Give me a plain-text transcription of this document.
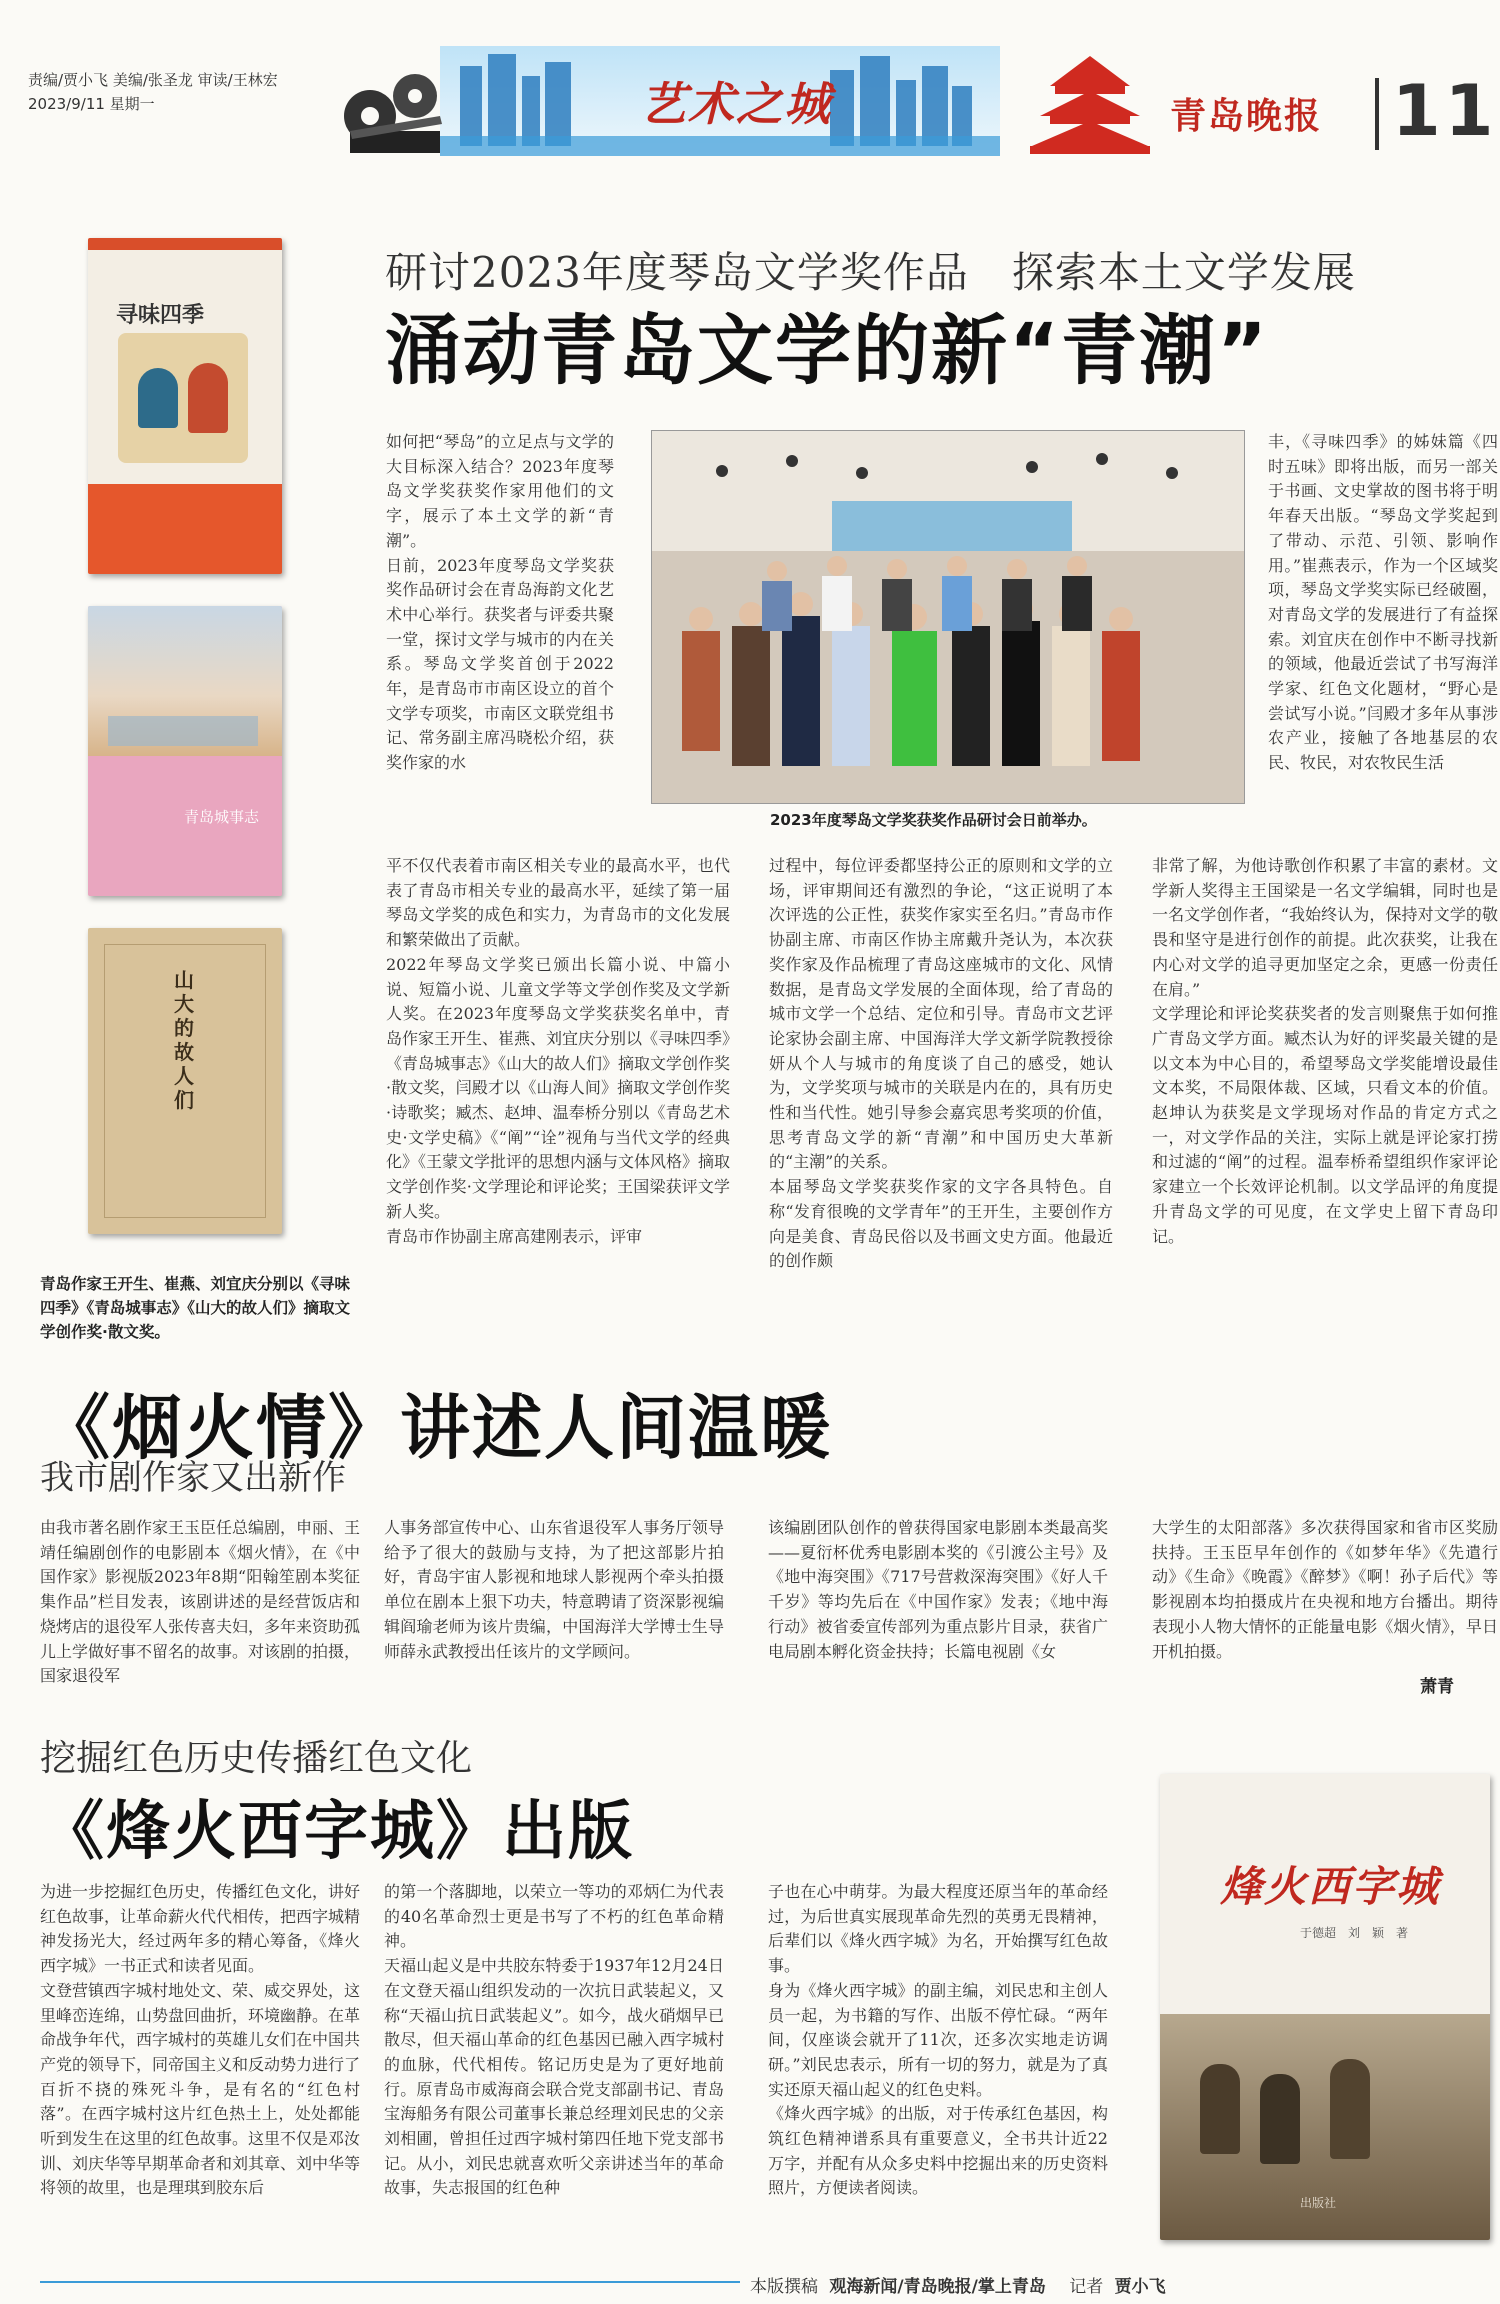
责编/贾小飞 美编/张圣龙 审读/王林宏
2023/9/11 星期一	艺术之城	青岛晚报 11
寻味四季
青岛城事志
山大的故人们
青岛作家王开生、崔燕、刘宜庆分别以《寻味四季》《青岛城事志》《山大的故人们》摘取文学创作奖·散文奖。
研讨2023年度琴岛文学奖作品　探索本土文学发展
涌动青岛文学的新“青潮”
如何把“琴岛”的立足点与文学的大目标深入结合？2023年度琴岛文学奖获奖作家用他们的文字，展示了本土文学的新“青潮”。
日前，2023年度琴岛文学奖获奖作品研讨会在青岛海韵文化艺术中心举行。获奖者与评委共聚一堂，探讨文学与城市的内在关系。琴岛文学奖首创于2022年，是青岛市市南区设立的首个文学专项奖，市南区文联党组书记、常务副主席冯晓松介绍，获奖作家的水
2023年度琴岛文学奖获奖作品研讨会日前举办。
丰，《寻味四季》的姊妹篇《四时五味》即将出版，而另一部关于书画、文史掌故的图书将于明年春天出版。“琴岛文学奖起到了带动、示范、引领、影响作用。”崔燕表示，作为一个区域奖项，琴岛文学奖实际已经破圈，对青岛文学的发展进行了有益探索。刘宜庆在创作中不断寻找新的领域，他最近尝试了书写海洋学家、红色文化题材，“野心是尝试写小说。”闫殿才多年从事涉农产业，接触了各地基层的农民、牧民，对农牧民生活
平不仅代表着市南区相关专业的最高水平，也代表了青岛市相关专业的最高水平，延续了第一届琴岛文学奖的成色和实力，为青岛市的文化发展和繁荣做出了贡献。
2022年琴岛文学奖已颁出长篇小说、中篇小说、短篇小说、儿童文学等文学创作奖及文学新人奖。在2023年度琴岛文学奖获奖名单中，青岛作家王开生、崔燕、刘宜庆分别以《寻味四季》《青岛城事志》《山大的故人们》摘取文学创作奖·散文奖，闫殿才以《山海人间》摘取文学创作奖·诗歌奖；臧杰、赵坤、温奉桥分别以《青岛艺术史·文学史稿》《“阐”“诠”视角与当代文学的经典化》《王蒙文学批评的思想内涵与文体风格》摘取文学创作奖·文学理论和评论奖；王国梁获评文学新人奖。
青岛市作协副主席高建刚表示，评审
过程中，每位评委都坚持公正的原则和文学的立场，评审期间还有激烈的争论，“这正说明了本次评选的公正性，获奖作家实至名归。”青岛市作协副主席、市南区作协主席戴升尧认为，本次获奖作家及作品梳理了青岛这座城市的文化、风情数据，是青岛文学发展的全面体现，给了青岛的城市文学一个总结、定位和引导。青岛市文艺评论家协会副主席、中国海洋大学文新学院教授徐妍从个人与城市的角度谈了自己的感受，她认为，文学奖项与城市的关联是内在的，具有历史性和当代性。她引导参会嘉宾思考奖项的价值，思考青岛文学的新“青潮”和中国历史大革新的“主潮”的关系。
本届琴岛文学奖获奖作家的文字各具特色。自称“发育很晚的文学青年”的王开生，主要创作方向是美食、青岛民俗以及书画文史方面。他最近的创作颇
非常了解，为他诗歌创作积累了丰富的素材。文学新人奖得主王国梁是一名文学编辑，同时也是一名文学创作者，“我始终认为，保持对文学的敬畏和坚守是进行创作的前提。此次获奖，让我在内心对文学的追寻更加坚定之余，更感一份责任在肩。”
文学理论和评论奖获奖者的发言则聚焦于如何推广青岛文学方面。臧杰认为好的评奖最关键的是以文本为中心目的，希望琴岛文学奖能增设最佳文本奖，不局限体裁、区域，只看文本的价值。赵坤认为获奖是文学现场对作品的肯定方式之一，对文学作品的关注，实际上就是评论家打捞和过滤的“阐”的过程。温奉桥希望组织作家评论家建立一个长效评论机制。以文学品评的角度提升青岛文学的可见度，在文学史上留下青岛印记。
《烟火情》讲述人间温暖
我市剧作家又出新作
由我市著名剧作家王玉臣任总编剧，申丽、王靖任编剧创作的电影剧本《烟火情》，在《中国作家》影视版2023年8期“阳翰笙剧本奖征集作品”栏目发表，该剧讲述的是经营饭店和烧烤店的退役军人张传喜夫妇，多年来资助孤儿上学做好事不留名的故事。对该剧的拍摄，国家退役军
人事务部宣传中心、山东省退役军人事务厅领导给予了很大的鼓励与支持，为了把这部影片拍好，青岛宇宙人影视和地球人影视两个牵头拍摄单位在剧本上狠下功夫，特意聘请了资深影视编辑阎瑜老师为该片贵编，中国海洋大学博士生导师薛永武教授出任该片的文学顾问。
该编剧团队创作的曾获得国家电影剧本类最高奖——夏衍杯优秀电影剧本奖的《引渡公主号》及《地中海突围》《717号营救深海突围》《好人千千岁》等均先后在《中国作家》发表；《地中海行动》被省委宣传部列为重点影片目录，获省广电局剧本孵化资金扶持；长篇电视剧《女
大学生的太阳部落》多次获得国家和省市区奖励扶持。王玉臣早年创作的《如梦年华》《先遣行动》《生命》《晚霞》《醉梦》《啊！孙子后代》等影视剧本均拍摄成片在央视和地方台播出。期待表现小人物大情怀的正能量电影《烟火情》，早日开机拍摄。
萧青
挖掘红色历史传播红色文化
《烽火西字城》出版
为进一步挖掘红色历史，传播红色文化，讲好红色故事，让革命薪火代代相传，把西字城精神发扬光大，经过两年多的精心筹备，《烽火西字城》一书正式和读者见面。
文登营镇西字城村地处文、荣、威交界处，这里峰峦连绵，山势盘回曲折，环境幽静。在革命战争年代，西字城村的英雄儿女们在中国共产党的领导下，同帝国主义和反动势力进行了百折不挠的殊死斗争，是有名的“红色村落”。在西字城村这片红色热土上，处处都能听到发生在这里的红色故事。这里不仅是邓汝训、刘庆华等早期革命者和刘其章、刘中华等将领的故里，也是理琪到胶东后
的第一个落脚地，以荣立一等功的邓炳仁为代表的40名革命烈士更是书写了不朽的红色革命精神。
天福山起义是中共胶东特委于1937年12月24日在文登天福山组织发动的一次抗日武装起义，又称“天福山抗日武装起义”。如今，战火硝烟早已散尽，但天福山革命的红色基因已融入西字城村的血脉，代代相传。铭记历史是为了更好地前行。原青岛市威海商会联合党支部副书记、青岛宝海船务有限公司董事长兼总经理刘民忠的父亲刘相圃，曾担任过西字城村第四任地下党支部书记。从小，刘民忠就喜欢听父亲讲述当年的革命故事，失志报国的红色种
子也在心中萌芽。为最大程度还原当年的革命经过，为后世真实展现革命先烈的英勇无畏精神，后辈们以《烽火西字城》为名，开始撰写红色故事。
身为《烽火西字城》的副主编，刘民忠和主创人员一起，为书籍的写作、出版不停忙碌。“两年间，仅座谈会就开了11次，还多次实地走访调研。”刘民忠表示，所有一切的努力，就是为了真实还原天福山起义的红色史料。
《烽火西字城》的出版，对于传承红色基因，构筑红色精神谱系具有重要意义，全书共计近22万字，并配有从众多史料中挖掘出来的历史资料照片，方便读者阅读。
烽火西字城
于德超　刘　颖　著
出版社
本版撰稿 观海新闻/青岛晚报/掌上青岛 记者 贾小飞
